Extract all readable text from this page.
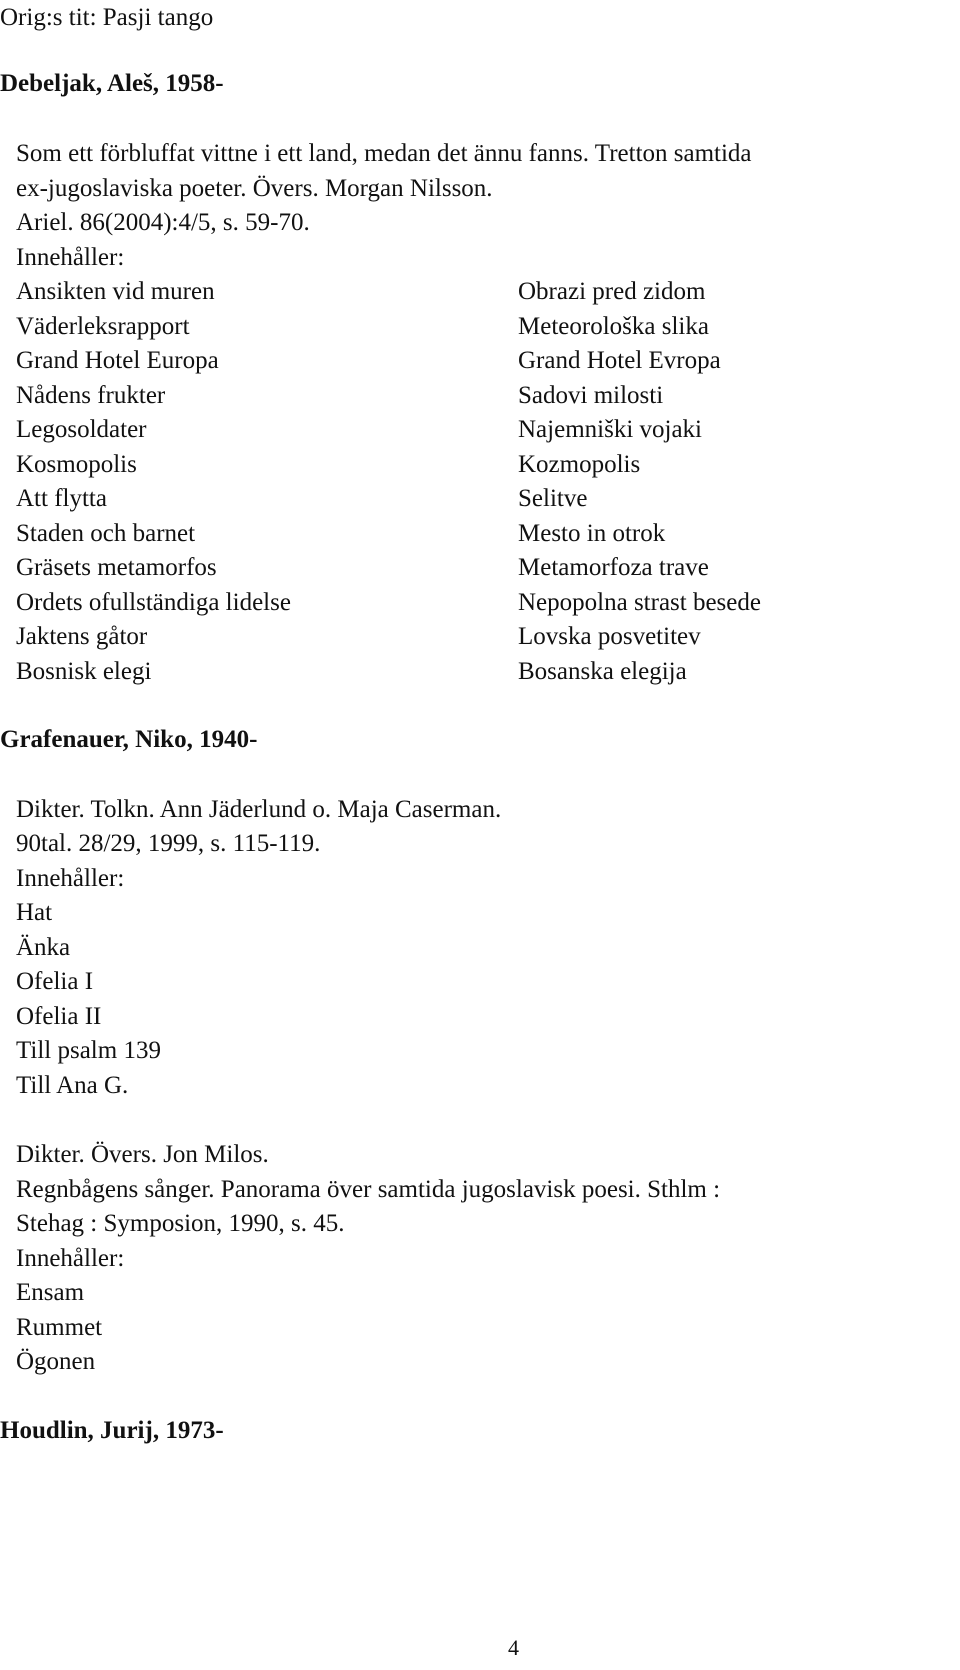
Orig:s tit: Pasji tango
Debeljak, Aleš, 1958-
Som ett förbluffat vittne i ett land, medan det ännu fanns. Tretton samtida
ex-jugoslaviska poeter. Övers. Morgan Nilsson.
Ariel. 86(2004):4/5, s. 59-70.
Innehåller:
Ansikten vid muren	Obrazi pred zidom
Väderleksrapport	Meteorološka slika
Grand Hotel Europa	Grand Hotel Evropa
Nådens frukter	Sadovi milosti
Legosoldater	Najemniški vojaki
Kosmopolis	Kozmopolis
Att flytta	Selitve
Staden och barnet	Mesto in otrok
Gräsets metamorfos	Metamorfoza trave
Ordets ofullständiga lidelse	Nepopolna strast besede
Jaktens gåtor	Lovska posvetitev
Bosnisk elegi	Bosanska elegija
Grafenauer, Niko, 1940-
Dikter. Tolkn. Ann Jäderlund o. Maja Caserman.
90tal. 28/29, 1999, s. 115-119.
Innehåller:
Hat
Änka
Ofelia I
Ofelia II
Till psalm 139
Till Ana G.
Dikter. Övers. Jon Milos.
Regnbågens sånger. Panorama över samtida jugoslavisk poesi. Sthlm :
Stehag : Symposion, 1990, s. 45.
Innehåller:
Ensam
Rummet
Ögonen
Houdlin, Jurij, 1973-
4
